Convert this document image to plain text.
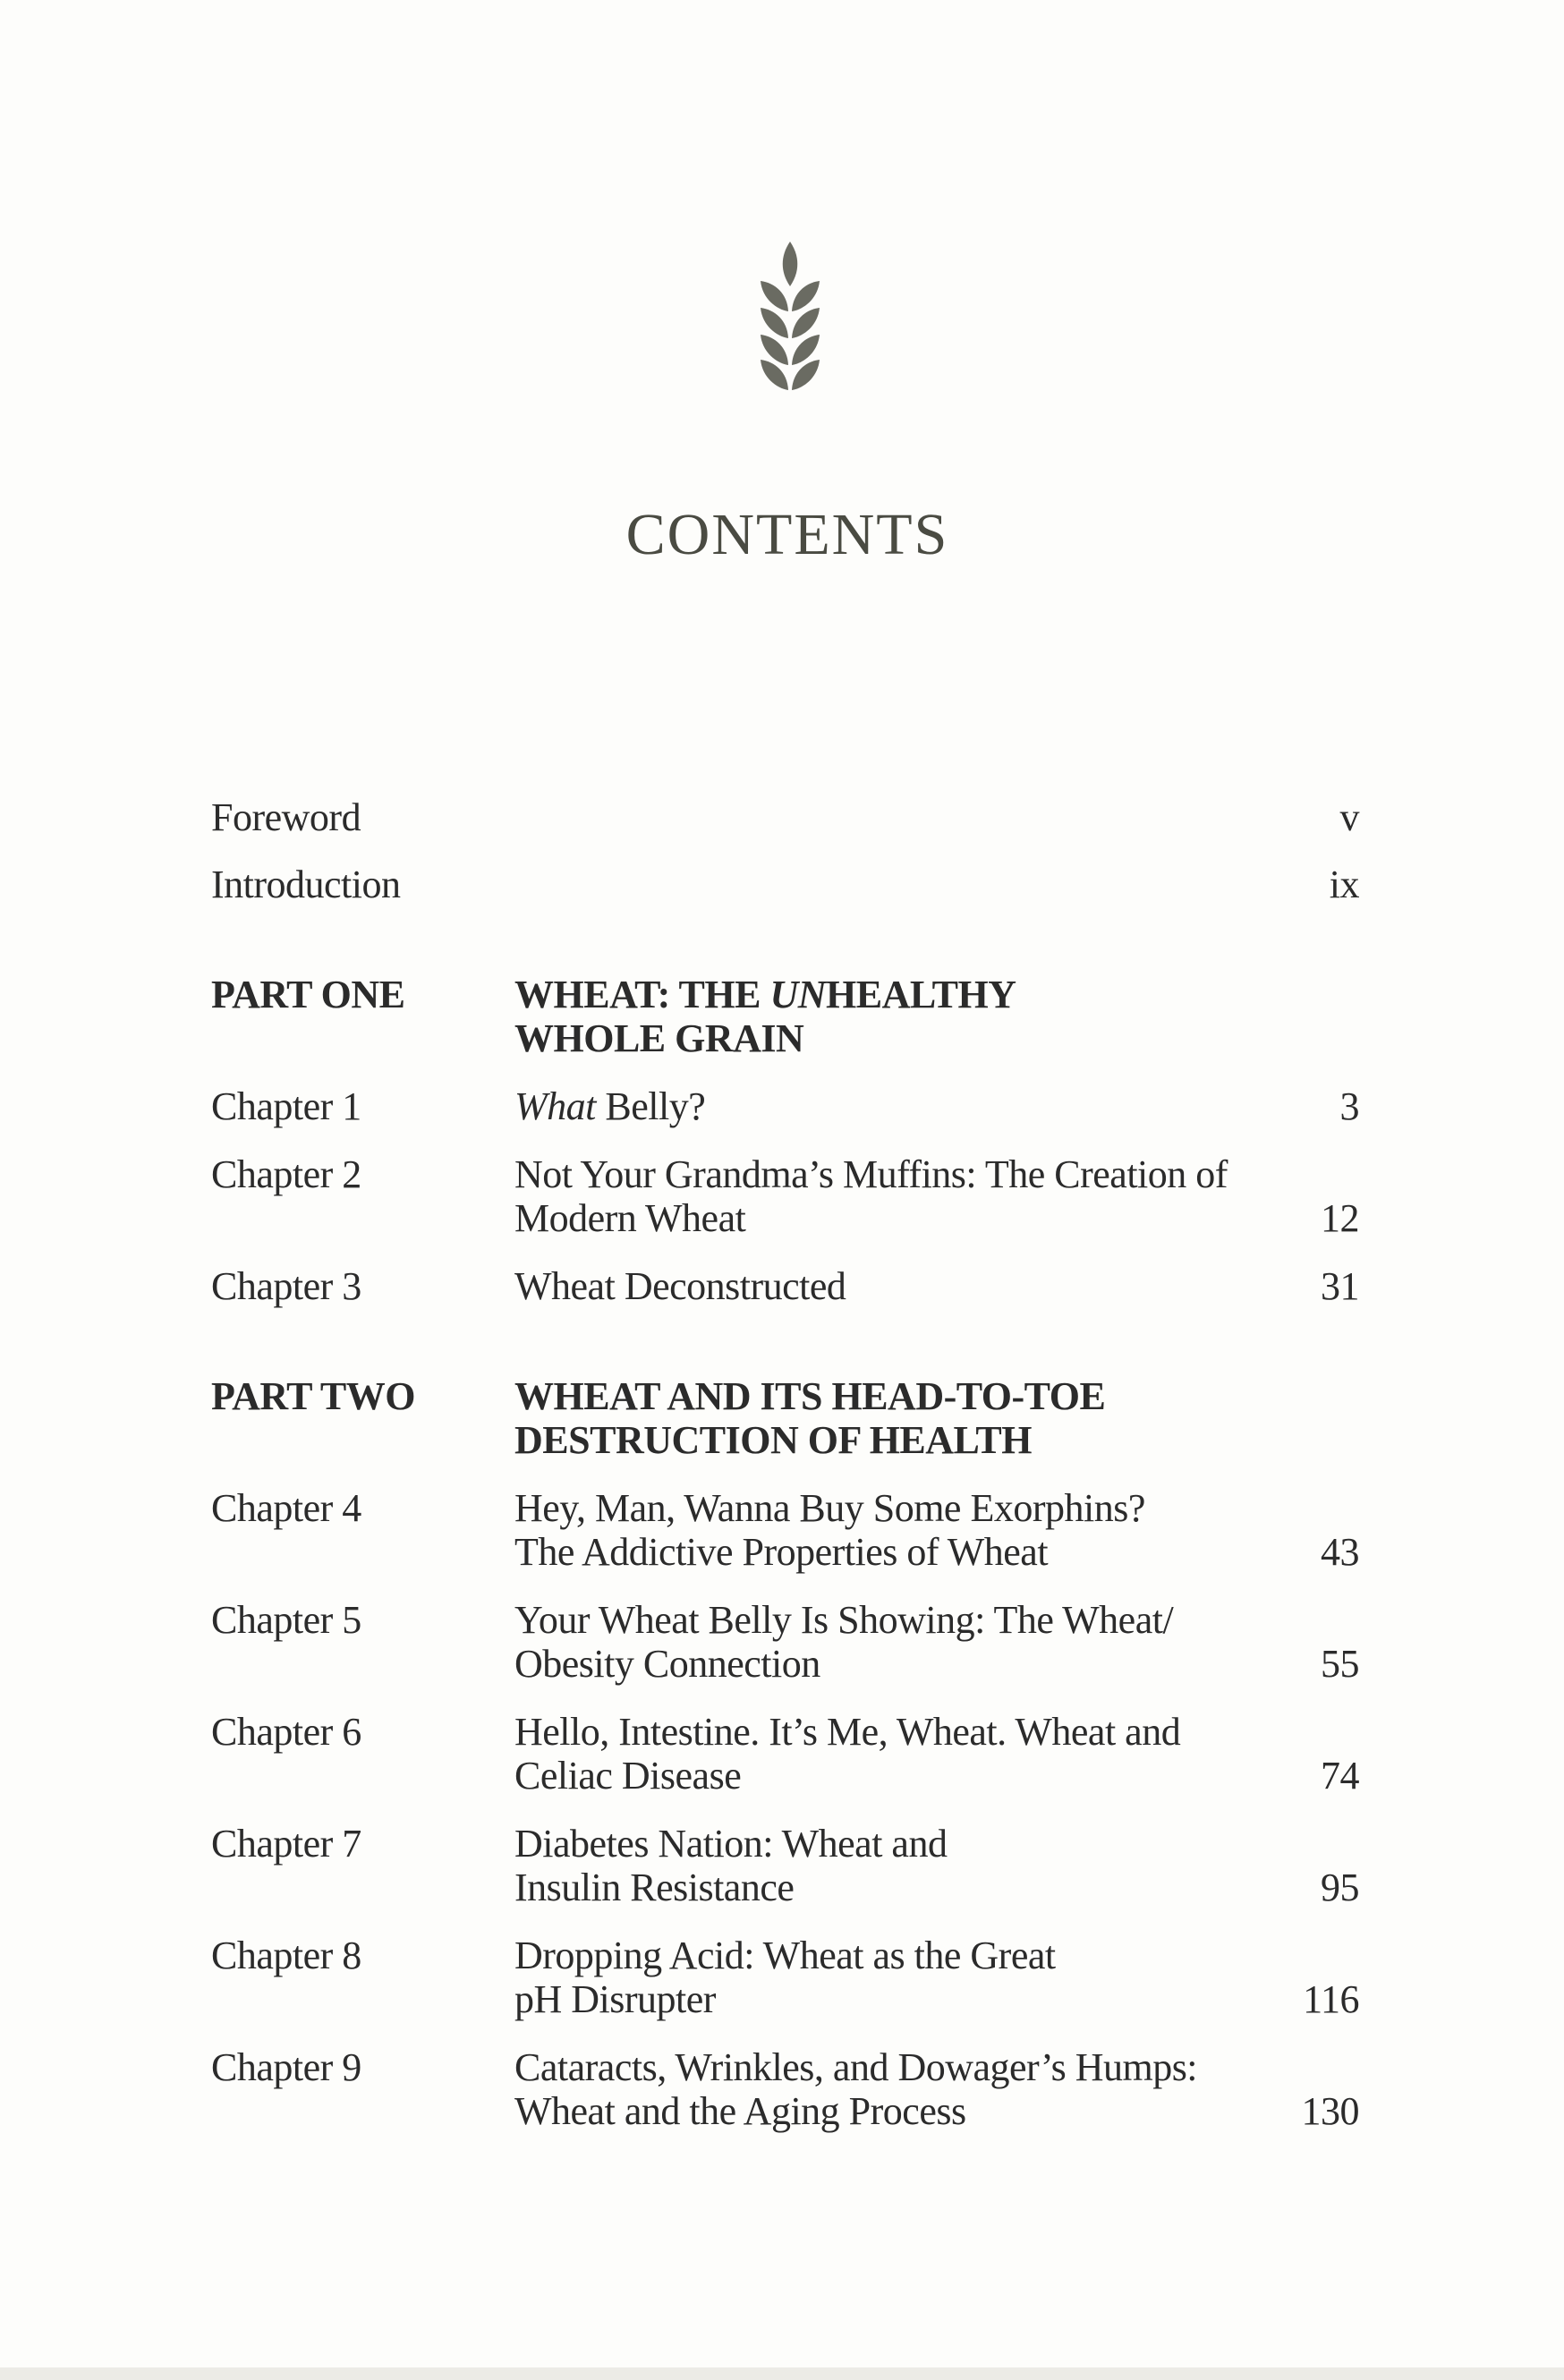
CONTENTS
Foreword	v
Introduction	ix
PART ONE	WHEAT: THE UNHEALTHY
WHOLE GRAIN
Chapter 1	What Belly?	3
Chapter 2	Not Your Grandma’s Muffins: The Creation of
Modern Wheat	12
Chapter 3	Wheat Deconstructed	31
PART TWO	WHEAT AND ITS HEAD-TO-TOE
DESTRUCTION OF HEALTH
Chapter 4	Hey, Man, Wanna Buy Some Exorphins?
The Addictive Properties of Wheat	43
Chapter 5	Your Wheat Belly Is Showing: The Wheat/
Obesity Connection	55
Chapter 6	Hello, Intestine. It’s Me, Wheat. Wheat and
Celiac Disease	74
Chapter 7	Diabetes Nation: Wheat and
Insulin Resistance	95
Chapter 8	Dropping Acid: Wheat as the Great
pH Disrupter	116
Chapter 9	Cataracts, Wrinkles, and Dowager’s Humps:
Wheat and the Aging Process	130
